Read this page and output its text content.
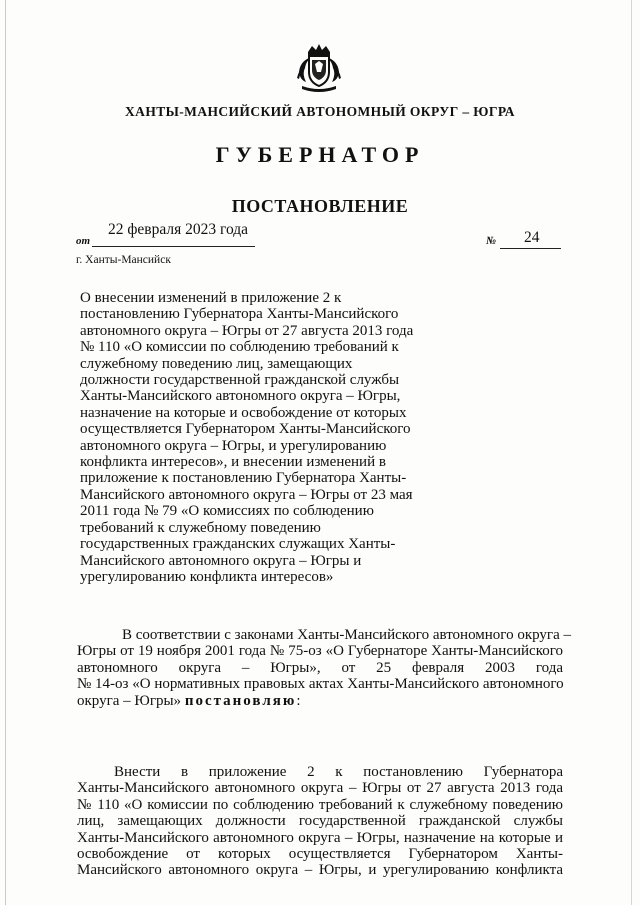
ХАНТЫ-МАНСИЙСКИЙ АВТОНОМНЫЙ ОКРУГ – ЮГРА
ГУБЕРНАТОР
ПОСТАНОВЛЕНИЕ
22 февраля 2023 года
от	№ 24
г. Ханты-Мансийск
О внесении изменений в приложение 2 к
постановлению Губернатора Ханты-Мансийского
автономного округа – Югры от 27 августа 2013 года
№ 110 «О комиссии по соблюдению требований к
служебному поведению лиц, замещающих
должности государственной гражданской службы
Ханты-Мансийского автономного округа – Югры,
назначение на которые и освобождение от которых
осуществляется Губернатором Ханты-Мансийского
автономного округа – Югры, и урегулированию
конфликта интересов», и внесении изменений в
приложение к постановлению Губернатора Ханты-
Мансийского автономного округа – Югры от 23 мая
2011 года № 79 «О комиссиях по соблюдению
требований к служебному поведению
государственных гражданских служащих Ханты-
Мансийского автономного округа – Югры и
урегулированию конфликта интересов»
В соответствии с законами Ханты-Мансийского автономного округа –
Югры от 19 ноября 2001 года № 75-оз «О Губернаторе Ханты-Мансийского
автономного округа – Югры», от 25 февраля 2003 года
№ 14-оз «О нормативных правовых актах Ханты-Мансийского автономного
округа – Югры» постановляю:
Внести в приложение 2 к постановлению Губернатора
Ханты-Мансийского автономного округа – Югры от 27 августа 2013 года
№ 110 «О комиссии по соблюдению требований к служебному поведению
лиц, замещающих должности государственной гражданской службы
Ханты-Мансийского автономного округа – Югры, назначение на которые и
освобождение от которых осуществляется Губернатором Ханты-
Мансийского автономного округа – Югры, и урегулированию конфликта
